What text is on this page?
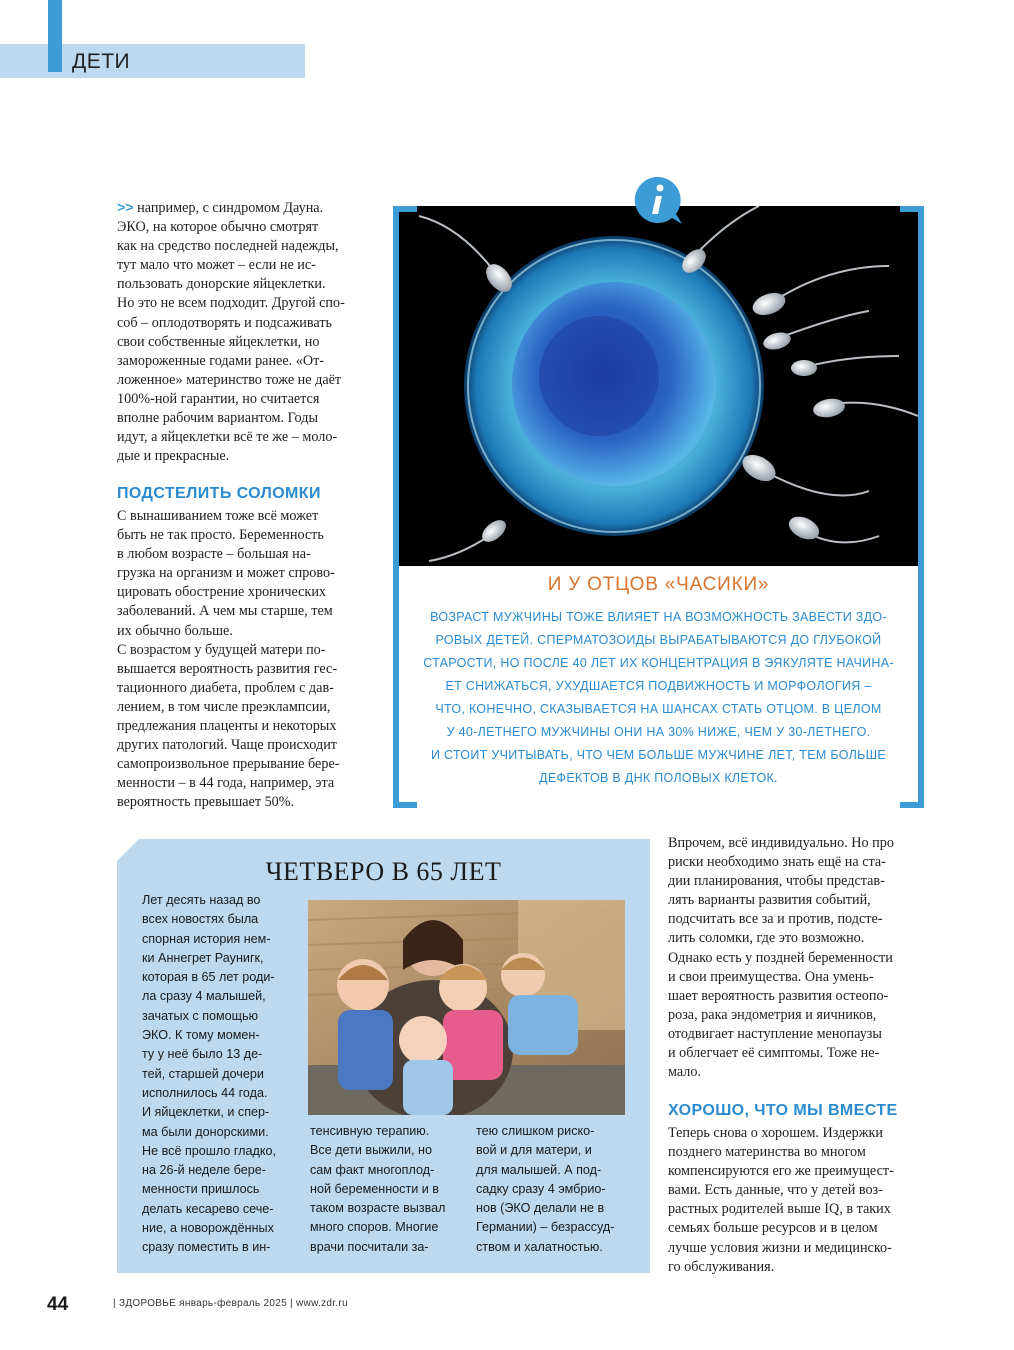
ДЕТИ

>> например, с синдромом Дауна.

ЭКО, на которое обычно смотрят

как на средство последней надежды,

тут мало что может – если не ис-

пользовать донорские яйцеклетки.

Но это не всем подходит. Другой спо-

соб – оплодотворять и подсаживать

свои собственные яйцеклетки, но

замороженные годами ранее. «От-

ложенное» материнство тоже не даёт

100%-ной гарантии, но считается

вполне рабочим вариантом. Годы

идут, а яйцеклетки всё те же – моло-

дые и прекрасные.

ПОДСТЕЛИТЬ СОЛОМКИ

С вынашиванием тоже всё может

быть не так просто. Беременность

в любом возрасте – большая на-

грузка на организм и может спрово-

цировать обострение хронических

заболеваний. А чем мы старше, тем

их обычно больше.

С возрастом у будущей матери по-

вышается вероятность развития гес-

тационного диабета, проблем с дав-

лением, в том числе преэклампсии,

предлежания плаценты и некоторых

других патологий. Чаще происходит

самопроизвольное прерывание бере-

менности – в 44 года, например, эта

вероятность превышает 50%.

И У ОТЦОВ «ЧАСИКИ»
ВОЗРАСТ МУЖЧИНЫ ТОЖЕ ВЛИЯЕТ НА ВОЗМОЖНОСТЬ ЗАВЕСТИ ЗДО-
РОВЫХ ДЕТЕЙ. СПЕРМАТОЗОИДЫ ВЫРАБАТЫВАЮТСЯ ДО ГЛУБОКОЙ
СТАРОСТИ, НО ПОСЛЕ 40 ЛЕТ ИХ КОНЦЕНТРАЦИЯ В ЭЯКУЛЯТЕ НАЧИНА-
ЕТ СНИЖАТЬСЯ, УХУДШАЕТСЯ ПОДВИЖНОСТЬ И МОРФОЛОГИЯ –
ЧТО, КОНЕЧНО, СКАЗЫВАЕТСЯ НА ШАНСАХ СТАТЬ ОТЦОМ. В ЦЕЛОМ
У 40-ЛЕТНЕГО МУЖЧИНЫ ОНИ НА 30% НИЖЕ, ЧЕМ У 30-ЛЕТНЕГО.
И СТОИТ УЧИТЫВАТЬ, ЧТО ЧЕМ БОЛЬШЕ МУЖЧИНЕ ЛЕТ, ТЕМ БОЛЬШЕ
ДЕФЕКТОВ В ДНК ПОЛОВЫХ КЛЕТОК.
ЧЕТВЕРО В 65 ЛЕТ
Лет десять назад во
всех новостях была
спорная история нем-
ки Аннегрет Раунигк,
которая в 65 лет роди-
ла сразу 4 малышей,
зачатых с помощью
ЭКО. К тому момен-
ту у неё было 13 де-
тей, старшей дочери
исполнилось 44 года.
И яйцеклетки, и спер-
ма были донорскими.
Не всё прошло гладко,
на 26-й неделе бере-
менности пришлось
делать кесарево сече-
ние, а новорождённых
сразу поместить в ин-
тенсивную терапию.
Все дети выжили, но
сам факт многоплод-
ной беременности и в
таком возрасте вызвал
много споров. Многие
врачи посчитали за-
тею слишком риско-
вой и для матери, и
для малышей. А под-
садку сразу 4 эмбрио-
нов (ЭКО делали не в
Германии) – безрассуд-
ством и халатностью.

Впрочем, всё индивидуально. Но про

риски необходимо знать ещё на ста-

дии планирования, чтобы представ-

лять варианты развития событий,

подсчитать все за и против, подсте-

лить соломки, где это возможно.

Однако есть у поздней беременности

и свои преимущества. Она умень-

шает вероятность развития остеопо-

роза, рака эндометрия и яичников,

отодвигает наступление менопаузы

и облегчает её симптомы. Тоже не-

мало.

ХОРОШО, ЧТО МЫ ВМЕСТЕ

Теперь снова о хорошем. Издержки

позднего материнства во многом

компенсируются его же преимущест-

вами. Есть данные, что у детей воз-

растных родителей выше IQ, в таких

семьях больше ресурсов и в целом

лучше условия жизни и медицинско-

го обслуживания.

44	| ЗДОРОВЬЕ январь-февраль 2025 | www.zdr.ru
